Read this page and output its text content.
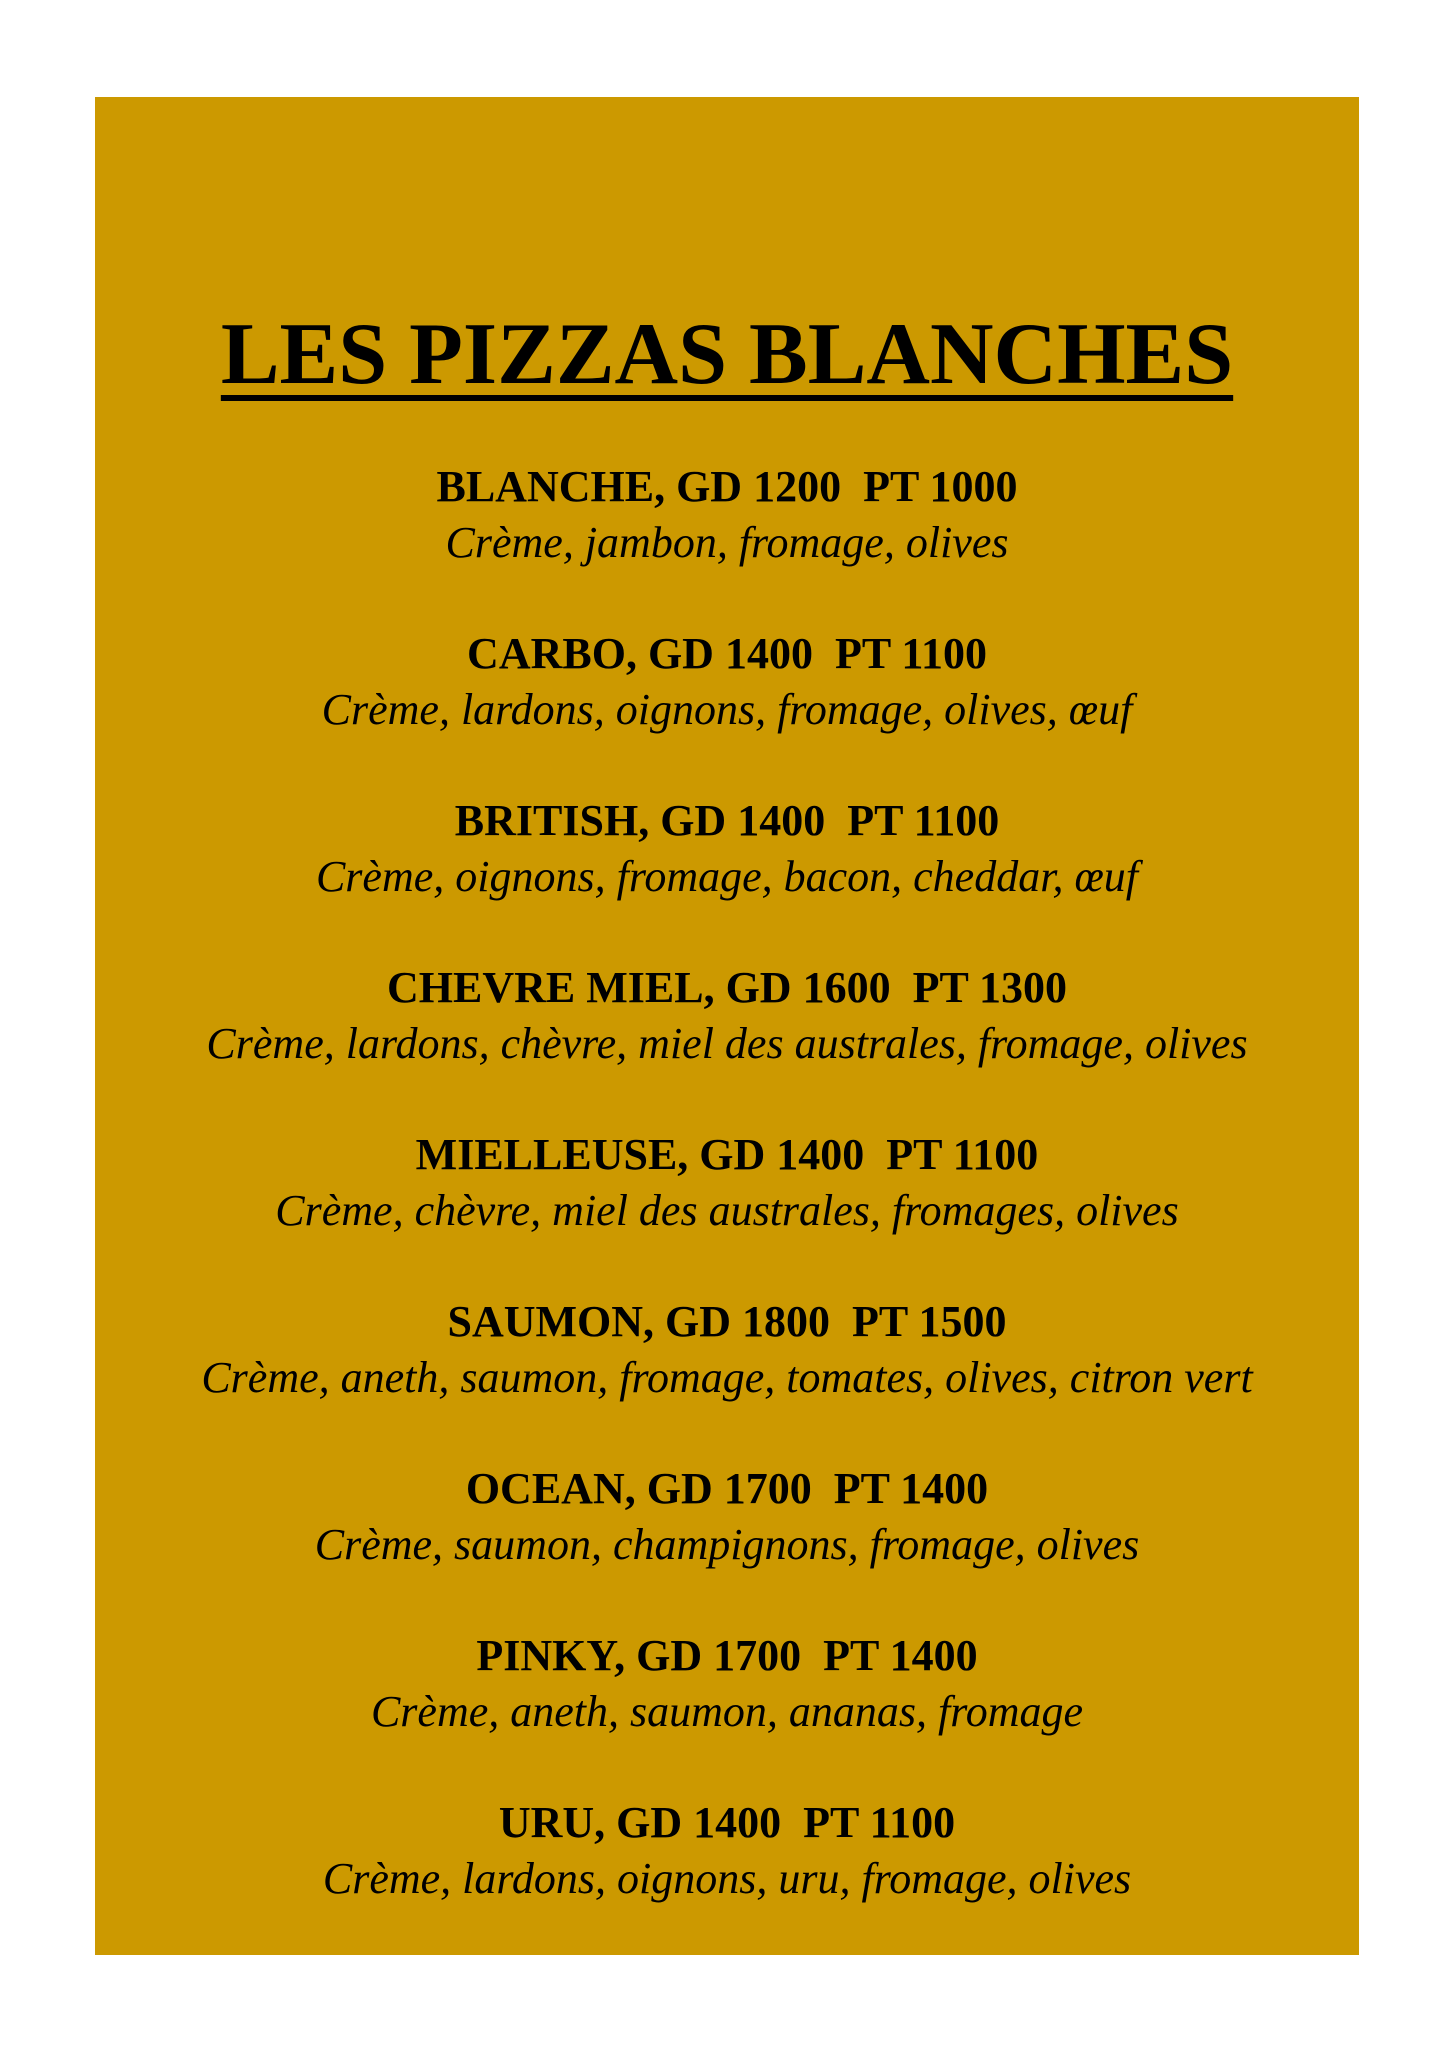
LES PIZZAS BLANCHES
BLANCHE, GD 1200  PT 1000
Crème, jambon, fromage, olives
CARBO, GD 1400  PT 1100
Crème, lardons, oignons, fromage, olives, œuf
BRITISH, GD 1400  PT 1100
Crème, oignons, fromage, bacon, cheddar, œuf
CHEVRE MIEL, GD 1600  PT 1300
Crème, lardons, chèvre, miel des australes, fromage, olives
MIELLEUSE, GD 1400  PT 1100
Crème, chèvre, miel des australes, fromages, olives
SAUMON, GD 1800  PT 1500
Crème, aneth, saumon, fromage, tomates, olives, citron vert
OCEAN, GD 1700  PT 1400
Crème, saumon, champignons, fromage, olives
PINKY, GD 1700  PT 1400
Crème, aneth, saumon, ananas, fromage
URU, GD 1400  PT 1100
Crème, lardons, oignons, uru, fromage, olives
